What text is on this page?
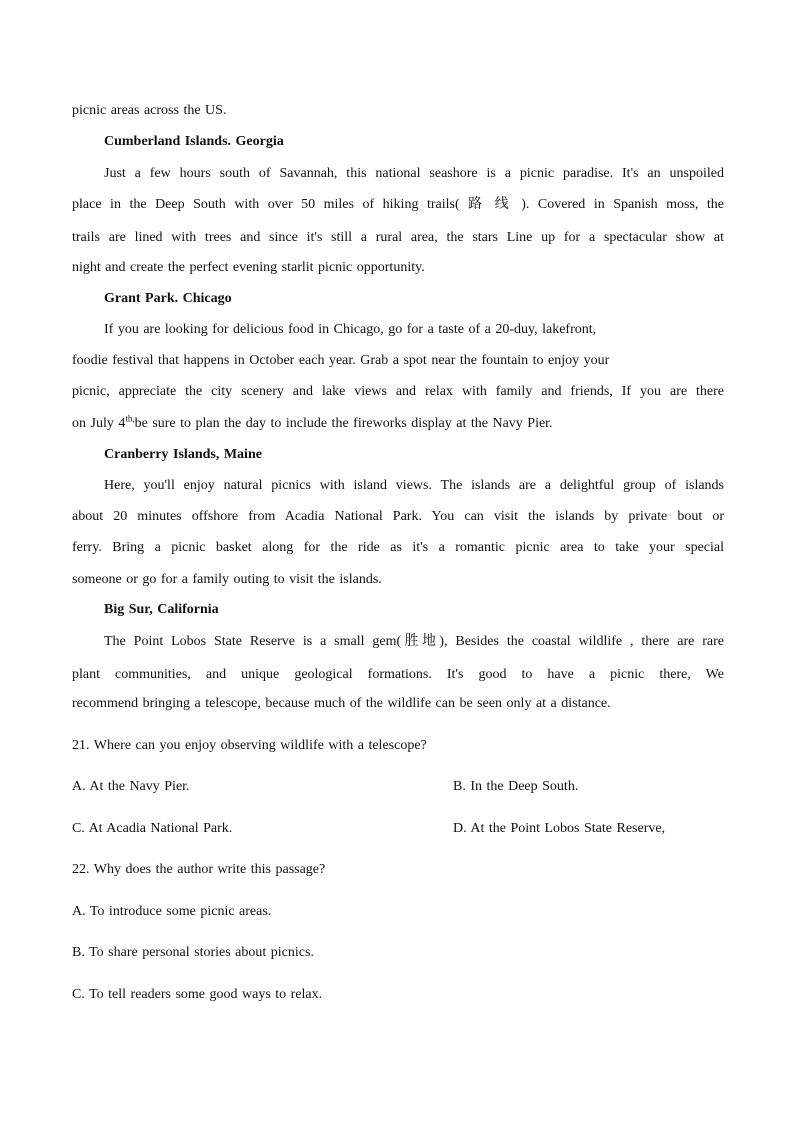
picnic areas across the US.
Cumberland Islands. Georgia
Just a few hours south of Savannah, this national seashore is a picnic paradise. It's an unspoiled
place in the Deep South with over 50 miles of hiking trails( 路 线 ). Covered in Spanish moss, the
trails are lined with trees and since it's still a rural area, the stars Line up for a spectacular show at
night and create the perfect evening starlit picnic opportunity.
Grant Park. Chicago
If you are looking for delicious food in Chicago, go for a taste of a 20-duy, lakefront,
foodie festival that happens in October each year. Grab a spot near the fountain to enjoy your
picnic, appreciate the city scenery and lake views and relax with family and friends, If you are there
on July $4^{th,}be$ sure to plan the day to include the fireworks display at the Navy Pier.
Cranberry Islands, Maine
Here, you'll enjoy natural picnics with island views. The islands are a delightful group of islands
about 20 minutes offshore from Acadia National Park. You can visit the islands by private bout or
ferry. Bring a picnic basket along for the ride as it's a romantic picnic area to take your special
someone or go for a family outing to visit the islands.
Big Sur, California
The Point Lobos State Reserve is a small gem(胜地), Besides the coastal wildlife , there are rare
plant communities, and unique geological formations. It's good to have a picnic there, We
recommend bringing a telescope, because much of the wildlife can be seen only at a distance.
21. Where can you enjoy observing wildlife with a telescope?
A. At the Navy Pier.	B. In the Deep South.
C. At Acadia National Park.	D. At the Point Lobos State Reserve,
22. Why does the author write this passage?
A. To introduce some picnic areas.
B. To share personal stories about picnics.
C. To tell readers some good ways to relax.
